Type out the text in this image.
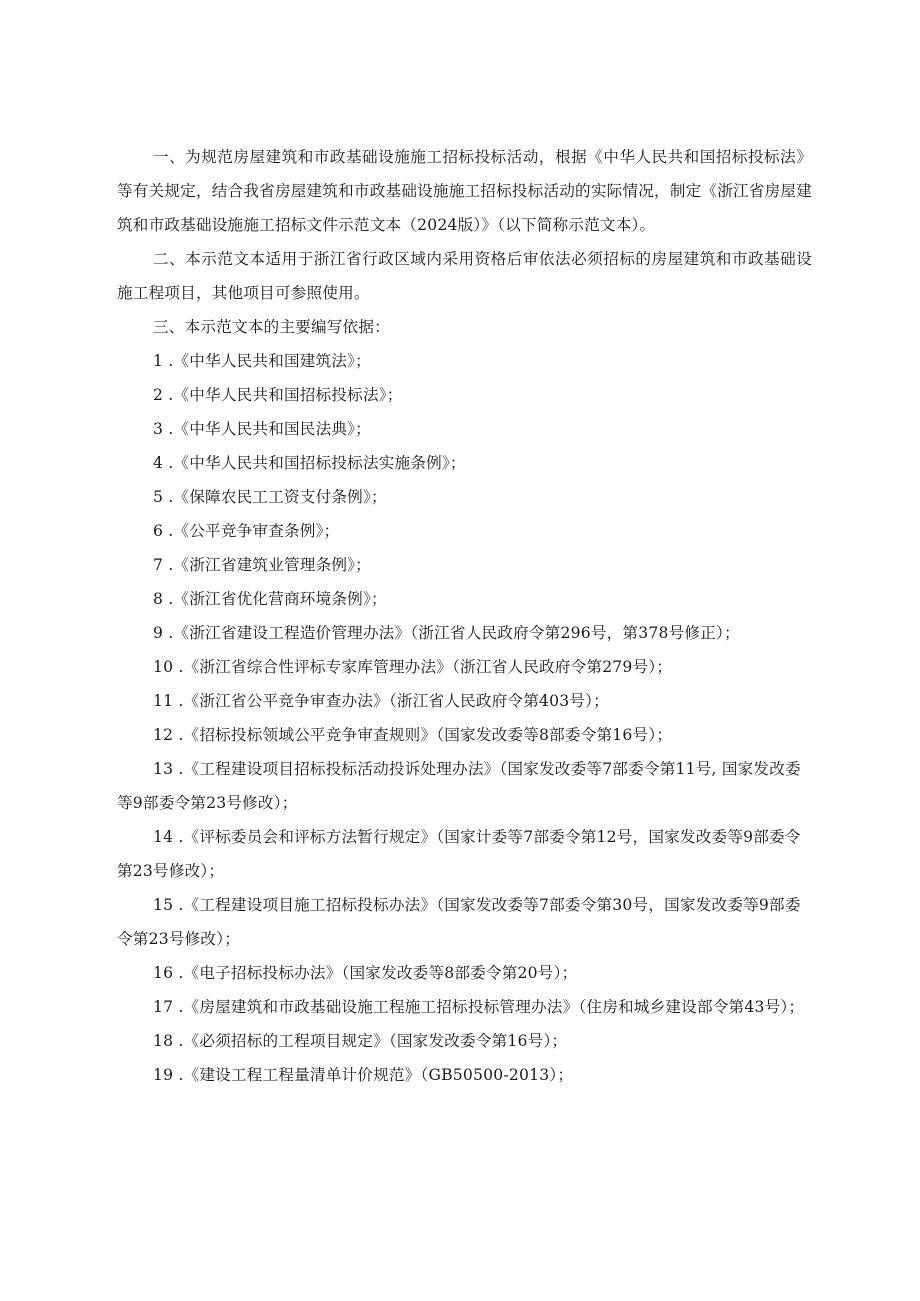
一、为规范房屋建筑和市政基础设施施工招标投标活动，根据《中华人民共和国招标投标法》等有关规定，结合我省房屋建筑和市政基础设施施工招标投标活动的实际情况，制定《浙江省房屋建筑和市政基础设施施工招标文件示范文本（2024版）》（以下简称示范文本）。

二、本示范文本适用于浙江省行政区域内采用资格后审依法必须招标的房屋建筑和市政基础设施工程项目，其他项目可参照使用。

三、本示范文本的主要编写依据：

1 .《中华人民共和国建筑法》；

2 .《中华人民共和国招标投标法》；

3 .《中华人民共和国民法典》；

4 .《中华人民共和国招标投标法实施条例》；

5 .《保障农民工工资支付条例》；

6 .《公平竞争审查条例》；

7 .《浙江省建筑业管理条例》；

8 .《浙江省优化营商环境条例》；

9 .《浙江省建设工程造价管理办法》（浙江省人民政府令第296号，第378号修正）；

10 .《浙江省综合性评标专家库管理办法》（浙江省人民政府令第279号）；

11 .《浙江省公平竞争审查办法》（浙江省人民政府令第403号）；

12 .《招标投标领域公平竞争审查规则》（国家发改委等8部委令第16号）；

13 .《工程建设项目招标投标活动投诉处理办法》（国家发改委等7部委令第11号, 国家发改委等9部委令第23号修改）；

14 .《评标委员会和评标方法暂行规定》（国家计委等7部委令第12号，国家发改委等9部委令第23号修改）；

15 .《工程建设项目施工招标投标办法》（国家发改委等7部委令第30号，国家发改委等9部委令第23号修改）；

16 .《电子招标投标办法》（国家发改委等8部委令第20号）；

17 .《房屋建筑和市政基础设施工程施工招标投标管理办法》（住房和城乡建设部令第43号）；

18 .《必须招标的工程项目规定》（国家发改委令第16号）；

19 .《建设工程工程量清单计价规范》（GB50500-2013）；
